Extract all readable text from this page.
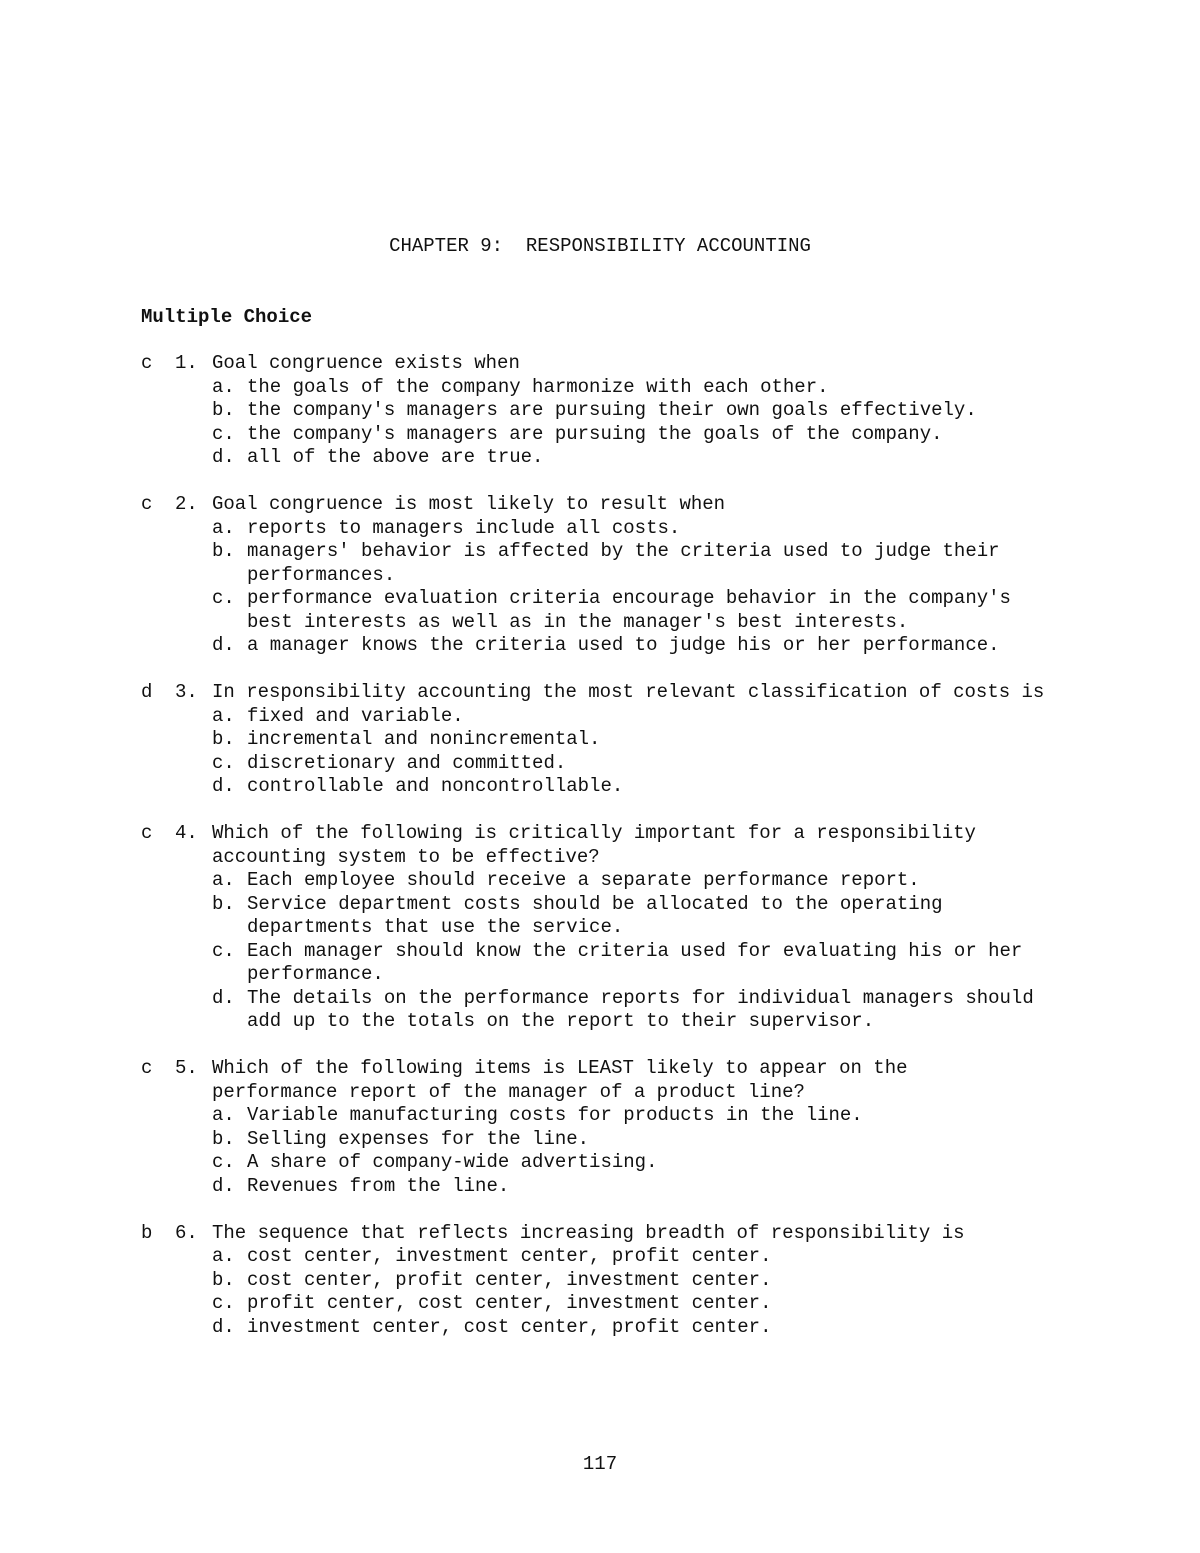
CHAPTER 9:  RESPONSIBILITY ACCOUNTING
Multiple Choice
c	1. Goal congruence exists when
a. the goals of the company harmonize with each other.
b. the company's managers are pursuing their own goals effectively.
c. the company's managers are pursuing the goals of the company.
d. all of the above are true.
c	2. Goal congruence is most likely to result when
a. reports to managers include all costs.
b. managers' behavior is affected by the criteria used to judge their
performances.
c. performance evaluation criteria encourage behavior in the company's
best interests as well as in the manager's best interests.
d. a manager knows the criteria used to judge his or her performance.
d	3. In responsibility accounting the most relevant classification of costs is
a. fixed and variable.
b. incremental and nonincremental.
c. discretionary and committed.
d. controllable and noncontrollable.
c	4. Which of the following is critically important for a responsibility
accounting system to be effective?
a. Each employee should receive a separate performance report.
b. Service department costs should be allocated to the operating
departments that use the service.
c. Each manager should know the criteria used for evaluating his or her
performance.
d. The details on the performance reports for individual managers should
add up to the totals on the report to their supervisor.
c	5. Which of the following items is LEAST likely to appear on the
performance report of the manager of a product line?
a. Variable manufacturing costs for products in the line.
b. Selling expenses for the line.
c. A share of company-wide advertising.
d. Revenues from the line.
b	6. The sequence that reflects increasing breadth of responsibility is
a. cost center, investment center, profit center.
b. cost center, profit center, investment center.
c. profit center, cost center, investment center.
d. investment center, cost center, profit center.
117
